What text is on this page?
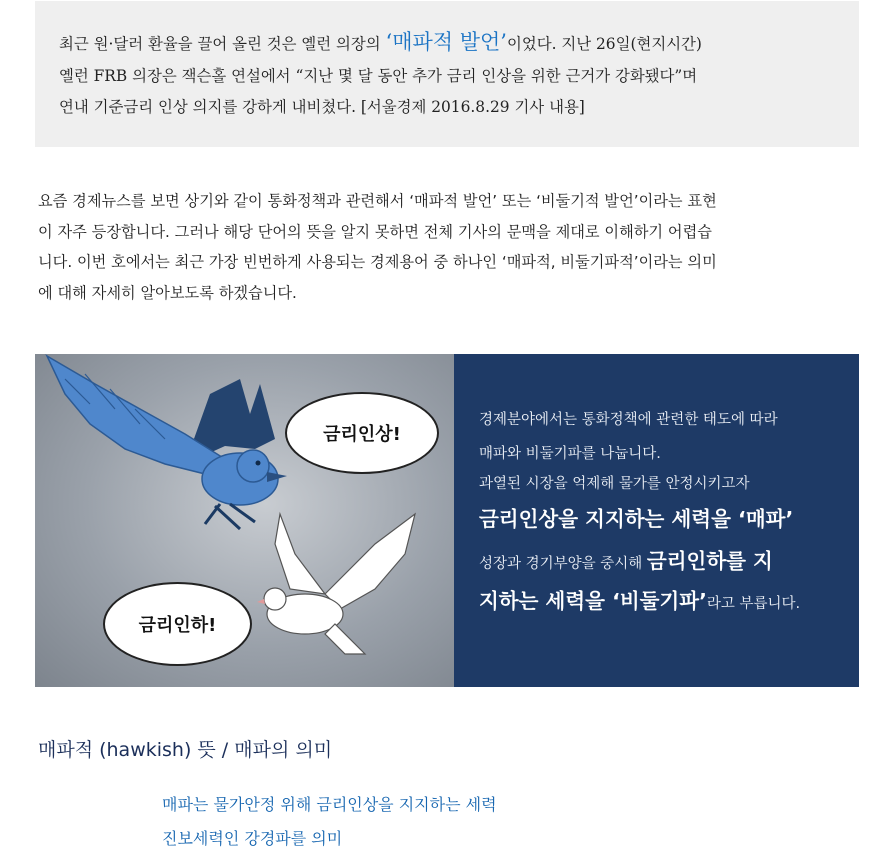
최근 원·달러 환율을 끌어 올린 것은 옐런 의장의 ‘매파적 발언’이었다. 지난 26일(현지시간)
옐런 FRB 의장은 잭슨홀 연설에서 “지난 몇 달 동안 추가 금리 인상을 위한 근거가 강화됐다”며
연내 기준금리 인상 의지를 강하게 내비쳤다. [서울경제 2016.8.29 기사 내용]
요즘 경제뉴스를 보면 상기와 같이 통화정책과 관련해서 ‘매파적 발언’ 또는 ‘비둘기적 발언’이라는 표현
이 자주 등장합니다. 그러나 해당 단어의 뜻을 알지 못하면 전체 기사의 문맥을 제대로 이해하기 어렵습
니다. 이번 호에서는 최근 가장 빈번하게 사용되는 경제용어 중 하나인 ‘매파적, 비둘기파적’이라는 의미
에 대해 자세히 알아보도록 하겠습니다.
금리인상!
금리인하!
경제분야에서는 통화정책에 관련한 태도에 따라
매파와 비둘기파를 나눕니다.
과열된 시장을 억제해 물가를 안정시키고자
금리인상을 지지하는 세력을 ‘매파’
성장과 경기부양을 중시해 금리인하를 지
지하는 세력을 ‘비둘기파’라고 부릅니다.
매파적 (hawkish) 뜻 / 매파의 의미
매파는 물가안정 위해 금리인상을 지지하는 세력
진보세력인 강경파를 의미
